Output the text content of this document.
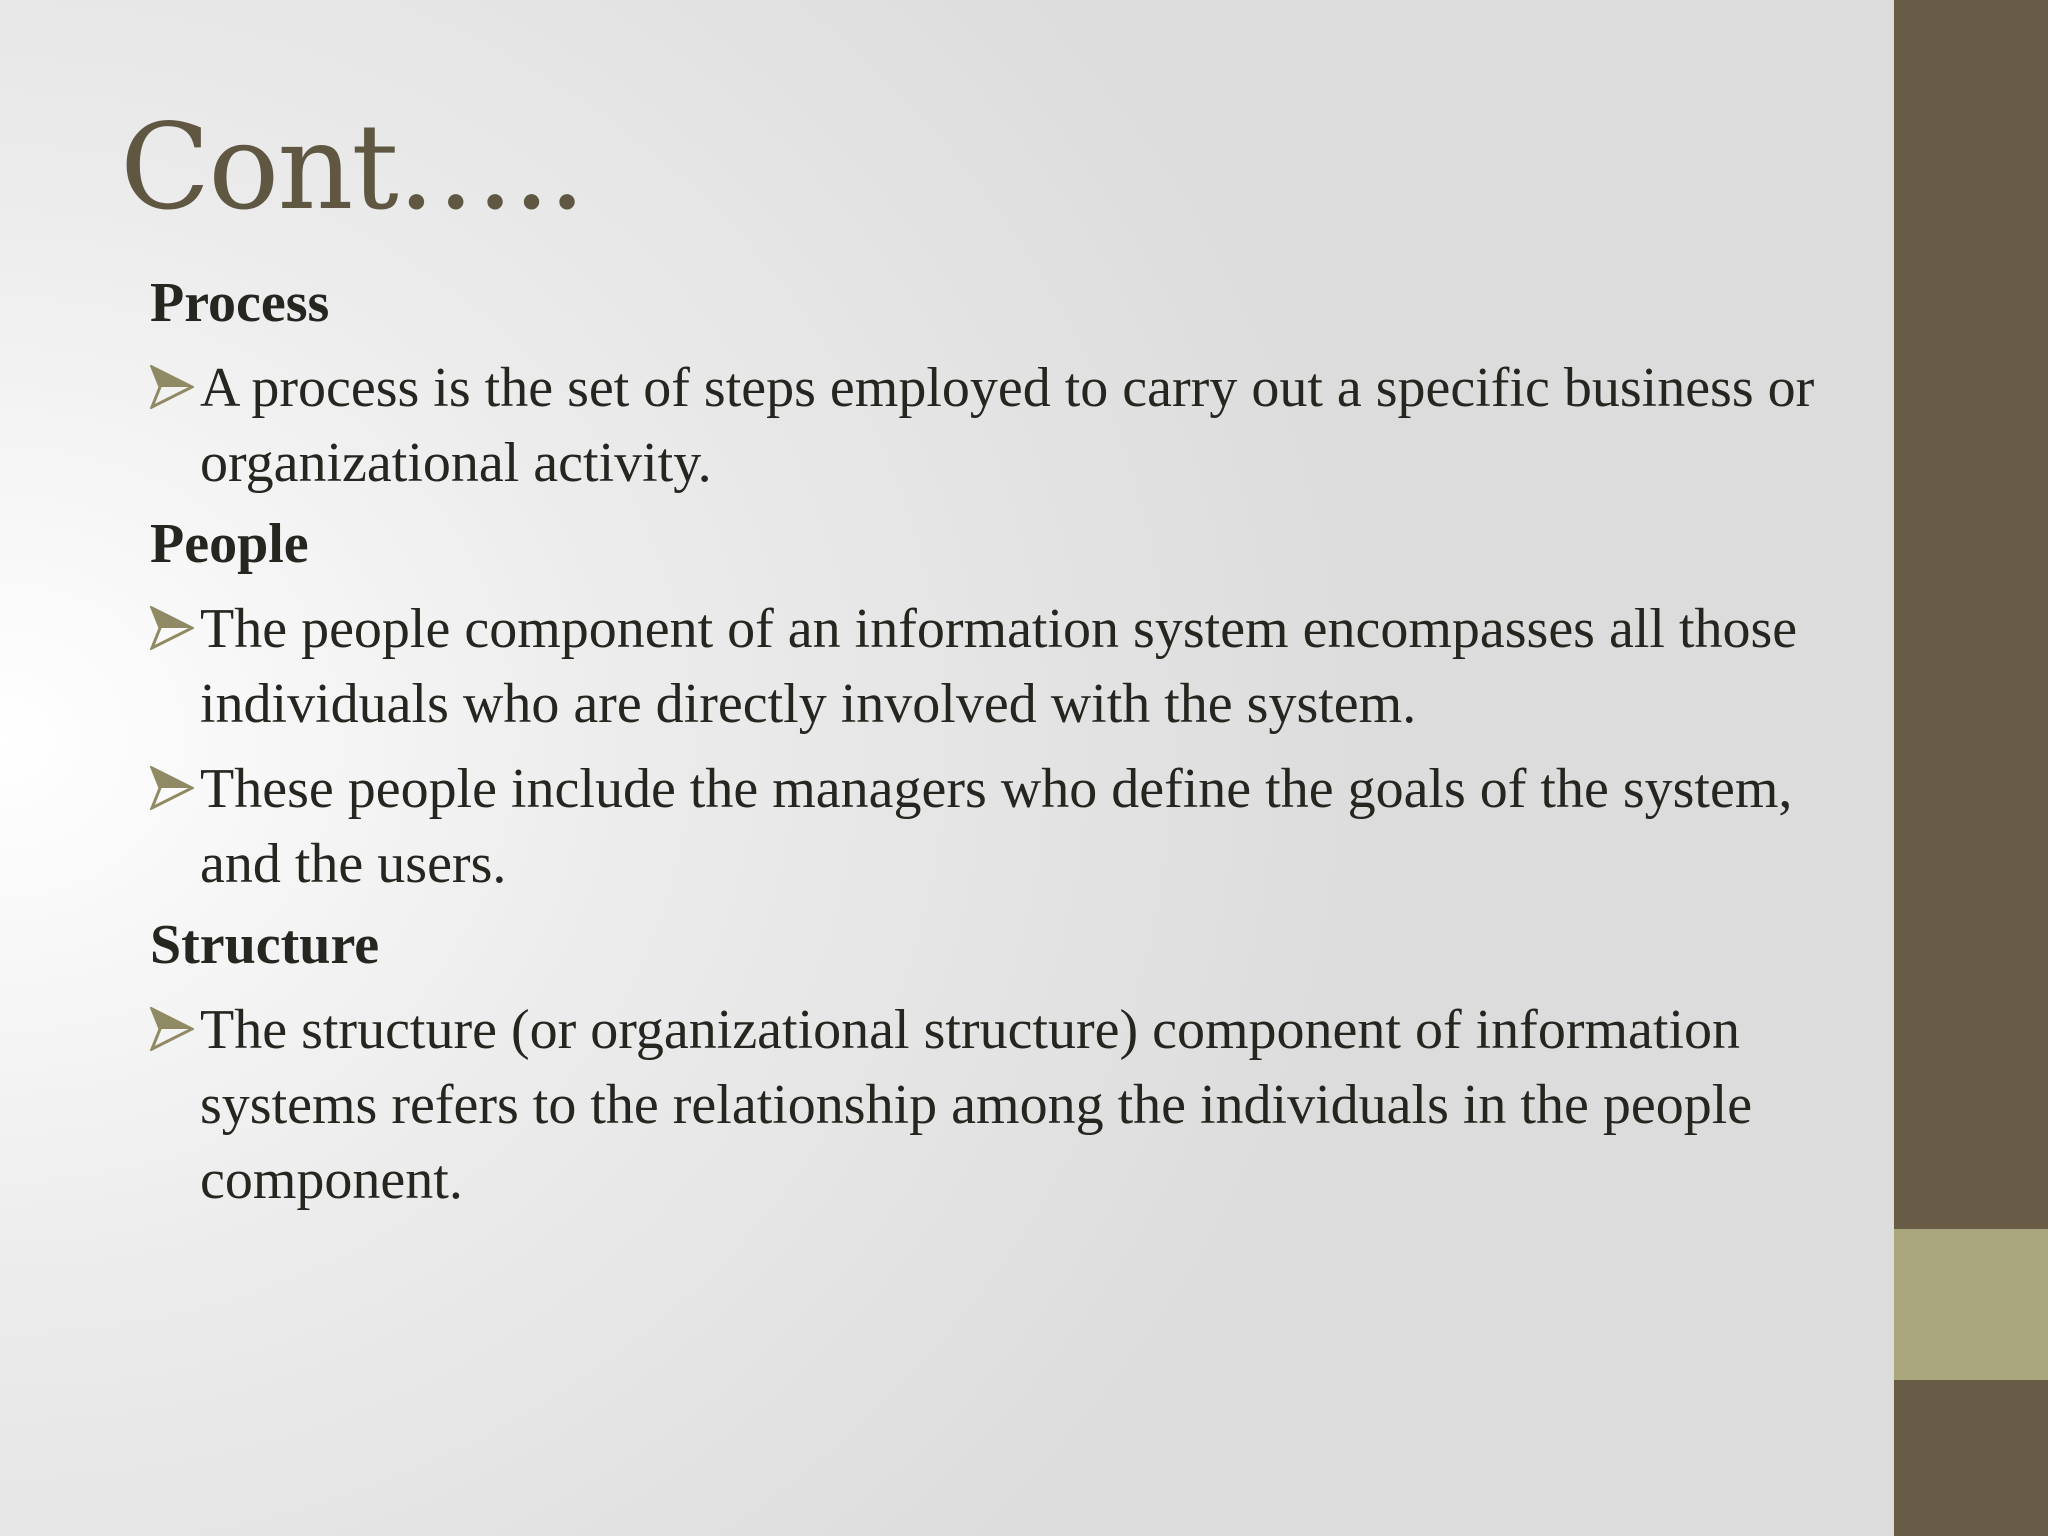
Cont…..

Process

A process is the set of steps employed to carry out a specific business or organizational activity.

People

The people component of an information system encompasses all those individuals who are directly involved with the system.
These people include the managers who define the goals of the system, and the users.

Structure

The structure (or organizational structure) component of information systems refers to the relationship among the individuals in the people component.
